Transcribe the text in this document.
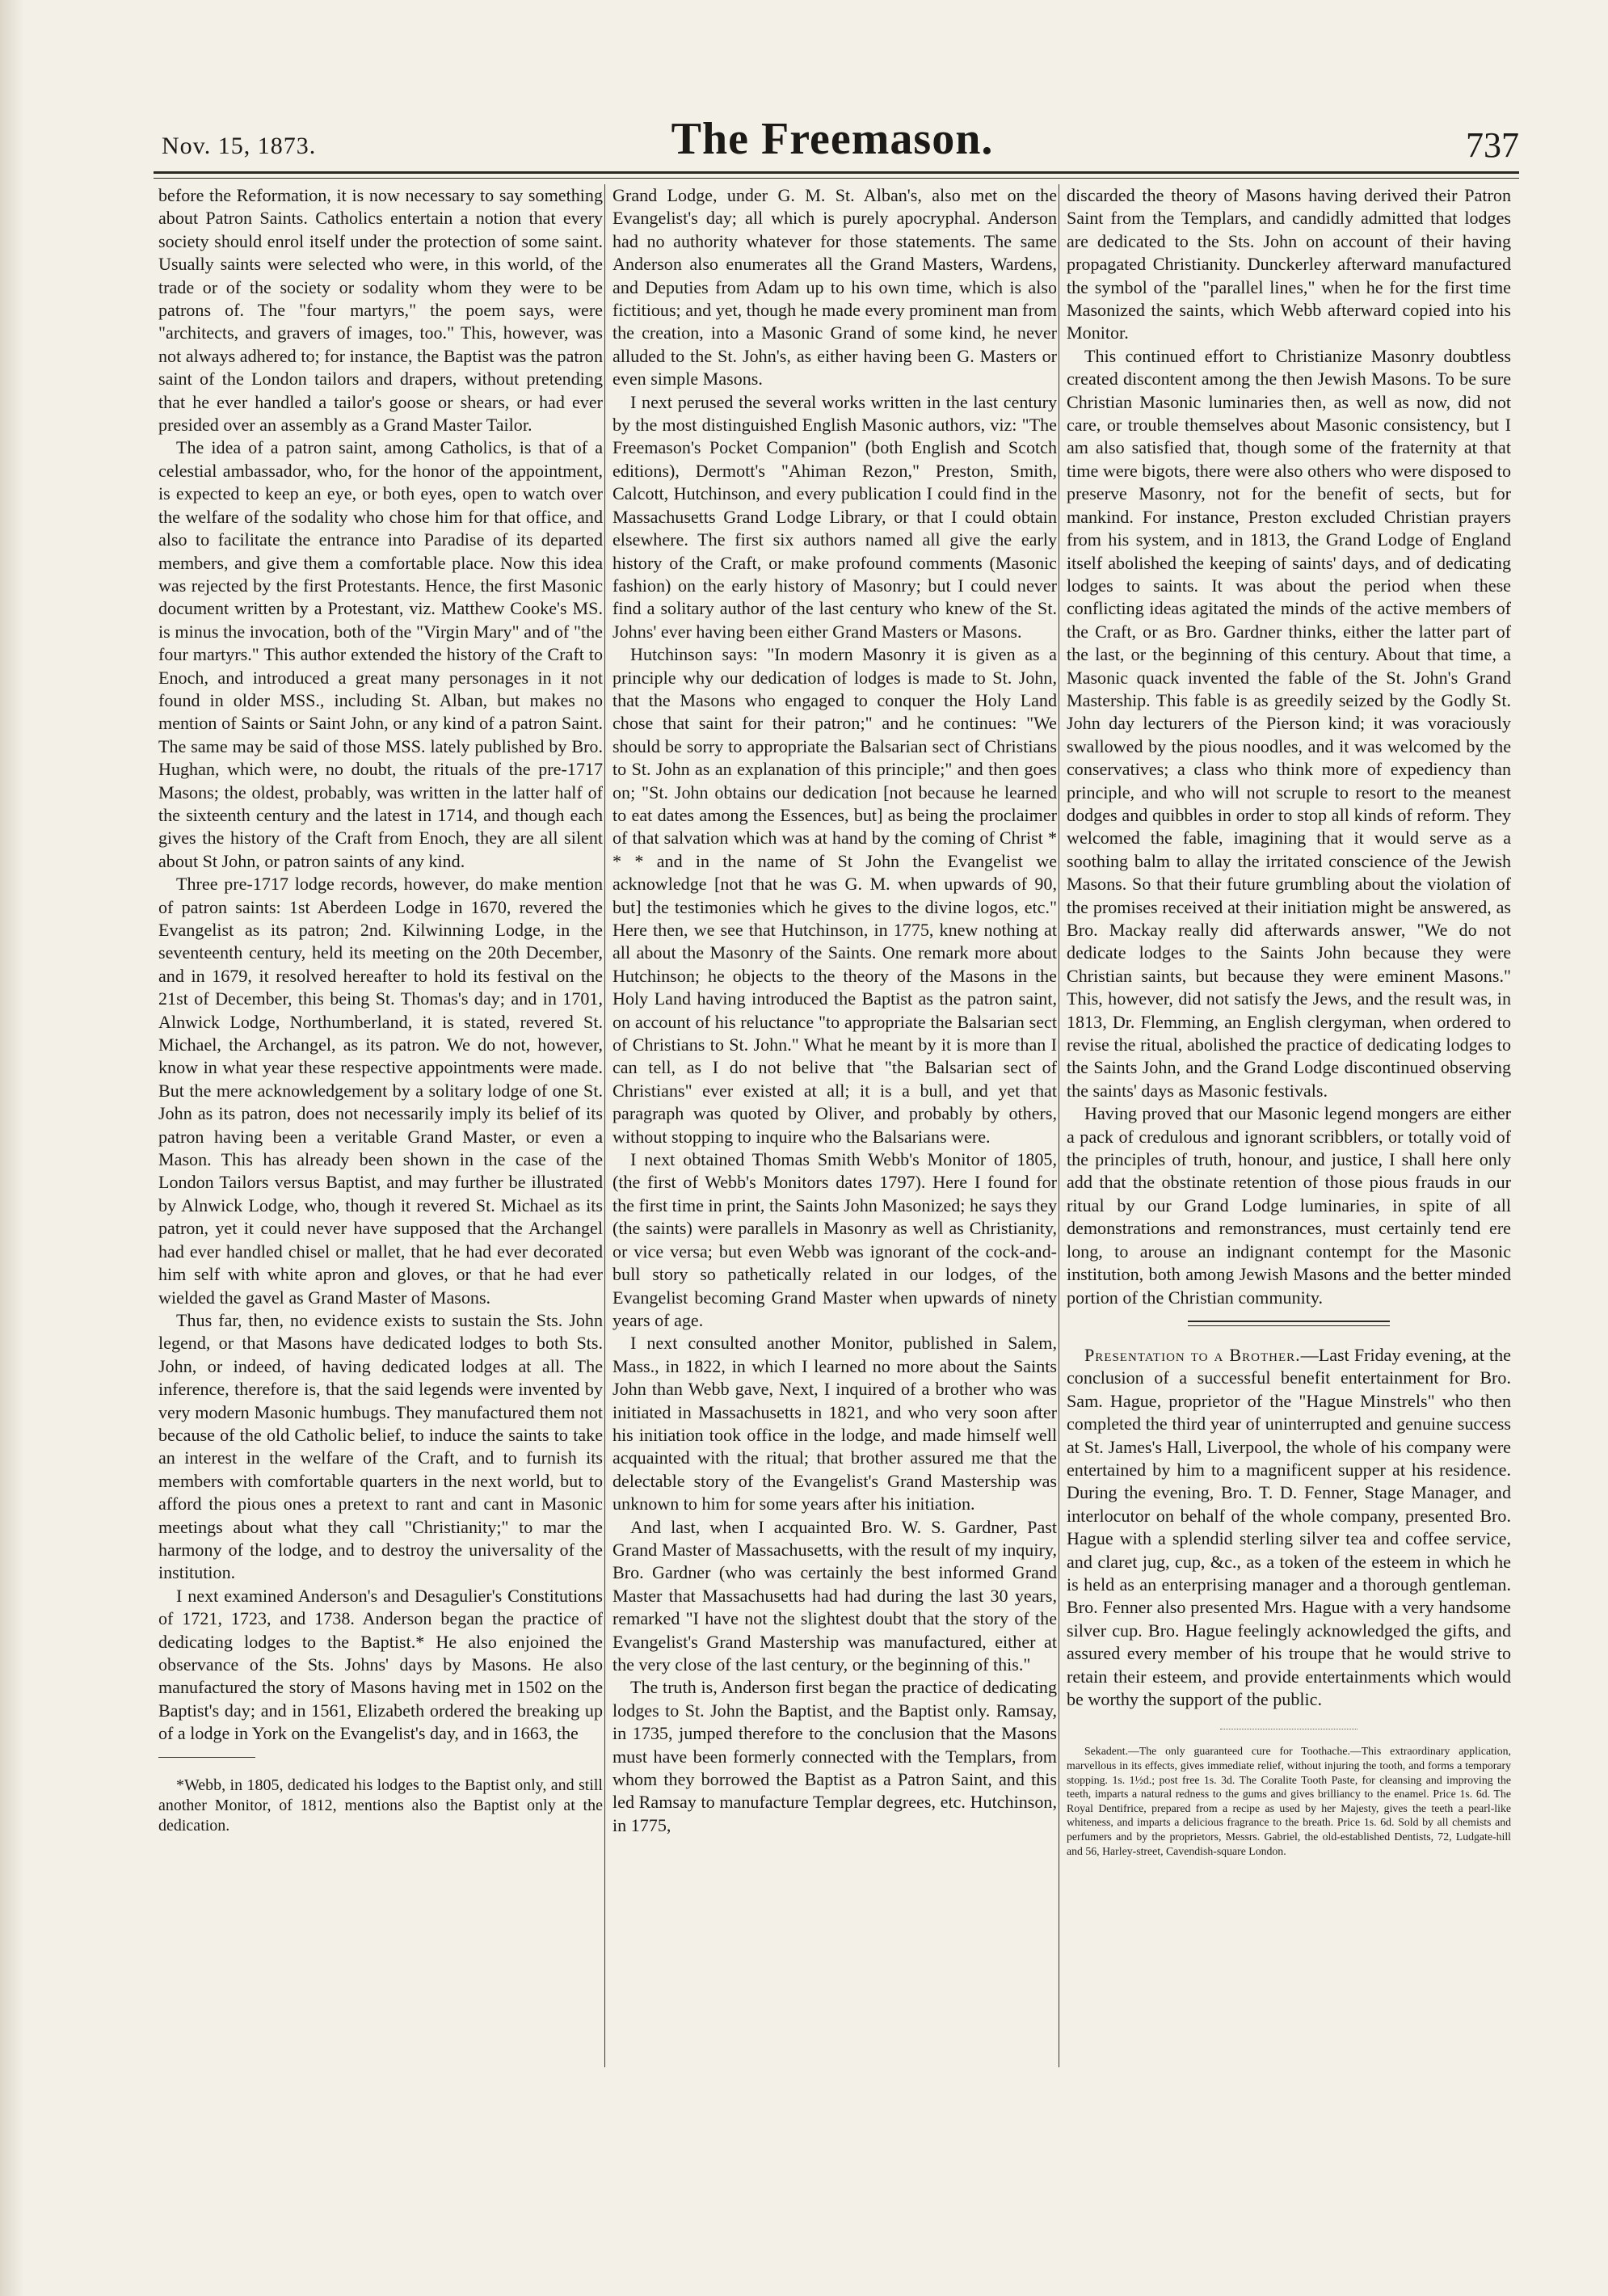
Nov. 15, 1873.	The Freemason.	737

before the Reformation, it is now necessary to say something about Patron Saints. Catholics entertain a notion that every society should enrol itself under the protection of some saint. Usually saints were selected who were, in this world, of the trade or of the society or sodality whom they were to be patrons of. The "four martyrs," the poem says, were "architects, and gravers of images, too." This, however, was not always adhered to; for instance, the Baptist was the patron saint of the London tailors and drapers, without pretending that he ever handled a tailor's goose or shears, or had ever presided over an assembly as a Grand Master Tailor.

The idea of a patron saint, among Catholics, is that of a celestial ambassador, who, for the honor of the appointment, is expected to keep an eye, or both eyes, open to watch over the welfare of the sodality who chose him for that office, and also to facilitate the entrance into Paradise of its departed members, and give them a comfortable place. Now this idea was rejected by the first Protestants. Hence, the first Masonic document written by a Protestant, viz. Matthew Cooke's MS. is minus the invocation, both of the "Virgin Mary" and of "the four martyrs." This author extended the history of the Craft to Enoch, and introduced a great many personages in it not found in older MSS., including St. Alban, but makes no mention of Saints or Saint John, or any kind of a patron Saint. The same may be said of those MSS. lately published by Bro. Hughan, which were, no doubt, the rituals of the pre-1717 Masons; the oldest, probably, was written in the latter half of the sixteenth century and the latest in 1714, and though each gives the history of the Craft from Enoch, they are all silent about St John, or patron saints of any kind.

Three pre-1717 lodge records, however, do make mention of patron saints: 1st Aberdeen Lodge in 1670, revered the Evangelist as its patron; 2nd. Kilwinning Lodge, in the seventeenth century, held its meeting on the 20th December, and in 1679, it resolved hereafter to hold its festival on the 21st of December, this being St. Thomas's day; and in 1701, Alnwick Lodge, Northumberland, it is stated, revered St. Michael, the Archangel, as its patron. We do not, however, know in what year these respective appointments were made. But the mere acknowledgement by a solitary lodge of one St. John as its patron, does not necessarily imply its belief of its patron having been a veritable Grand Master, or even a Mason. This has already been shown in the case of the London Tailors versus Baptist, and may further be illustrated by Alnwick Lodge, who, though it revered St. Michael as its patron, yet it could never have supposed that the Archangel had ever handled chisel or mallet, that he had ever decorated him self with white apron and gloves, or that he had ever wielded the gavel as Grand Master of Masons.

Thus far, then, no evidence exists to sustain the Sts. John legend, or that Masons have dedicated lodges to both Sts. John, or indeed, of having dedicated lodges at all. The inference, therefore is, that the said legends were invented by very modern Masonic humbugs. They manufactured them not because of the old Catholic belief, to induce the saints to take an interest in the welfare of the Craft, and to furnish its members with comfortable quarters in the next world, but to afford the pious ones a pretext to rant and cant in Masonic meetings about what they call "Christianity;" to mar the harmony of the lodge, and to destroy the universality of the institution.

I next examined Anderson's and Desagulier's Constitutions of 1721, 1723, and 1738. Anderson began the practice of dedicating lodges to the Baptist.* He also enjoined the observance of the Sts. Johns' days by Masons. He also manufactured the story of Masons having met in 1502 on the Baptist's day; and in 1561, Elizabeth ordered the breaking up of a lodge in York on the Evangelist's day, and in 1663, the

*Webb, in 1805, dedicated his lodges to the Baptist only, and still another Monitor, of 1812, mentions also the Baptist only at the dedication.

Grand Lodge, under G. M. St. Alban's, also met on the Evangelist's day; all which is purely apocryphal. Anderson had no authority whatever for those statements. The same Anderson also enumerates all the Grand Masters, Wardens, and Deputies from Adam up to his own time, which is also fictitious; and yet, though he made every prominent man from the creation, into a Masonic Grand of some kind, he never alluded to the St. John's, as either having been G. Masters or even simple Masons.

I next perused the several works written in the last century by the most distinguished English Masonic authors, viz: "The Freemason's Pocket Companion" (both English and Scotch editions), Dermott's "Ahiman Rezon," Preston, Smith, Calcott, Hutchinson, and every publication I could find in the Massachusetts Grand Lodge Library, or that I could obtain elsewhere. The first six authors named all give the early history of the Craft, or make profound comments (Masonic fashion) on the early history of Masonry; but I could never find a solitary author of the last century who knew of the St. Johns' ever having been either Grand Masters or Masons.

Hutchinson says: "In modern Masonry it is given as a principle why our dedication of lodges is made to St. John, that the Masons who engaged to conquer the Holy Land chose that saint for their patron;" and he continues: "We should be sorry to appropriate the Balsarian sect of Christians to St. John as an explanation of this principle;" and then goes on; "St. John obtains our dedication [not because he learned to eat dates among the Essences, but] as being the proclaimer of that salvation which was at hand by the coming of Christ * * * and in the name of St John the Evangelist we acknowledge [not that he was G. M. when upwards of 90, but] the testimonies which he gives to the divine logos, etc." Here then, we see that Hutchinson, in 1775, knew nothing at all about the Masonry of the Saints. One remark more about Hutchinson; he objects to the theory of the Masons in the Holy Land having introduced the Baptist as the patron saint, on account of his reluctance "to appropriate the Balsarian sect of Christians to St. John." What he meant by it is more than I can tell, as I do not belive that "the Balsarian sect of Christians" ever existed at all; it is a bull, and yet that paragraph was quoted by Oliver, and probably by others, without stopping to inquire who the Balsarians were.

I next obtained Thomas Smith Webb's Monitor of 1805, (the first of Webb's Monitors dates 1797). Here I found for the first time in print, the Saints John Masonized; he says they (the saints) were parallels in Masonry as well as Christianity, or vice versa; but even Webb was ignorant of the cock-and-bull story so pathetically related in our lodges, of the Evangelist becoming Grand Master when upwards of ninety years of age.

I next consulted another Monitor, published in Salem, Mass., in 1822, in which I learned no more about the Saints John than Webb gave, Next, I inquired of a brother who was initiated in Massachusetts in 1821, and who very soon after his initiation took office in the lodge, and made himself well acquainted with the ritual; that brother assured me that the delectable story of the Evangelist's Grand Mastership was unknown to him for some years after his initiation.

And last, when I acquainted Bro. W. S. Gardner, Past Grand Master of Massachusetts, with the result of my inquiry, Bro. Gardner (who was certainly the best informed Grand Master that Massachusetts had had during the last 30 years, remarked "I have not the slightest doubt that the story of the Evangelist's Grand Mastership was manufactured, either at the very close of the last century, or the beginning of this."

The truth is, Anderson first began the practice of dedicating lodges to St. John the Baptist, and the Baptist only. Ramsay, in 1735, jumped therefore to the conclusion that the Masons must have been formerly connected with the Templars, from whom they borrowed the Baptist as a Patron Saint, and this led Ramsay to manufacture Templar degrees, etc. Hutchinson, in 1775,

discarded the theory of Masons having derived their Patron Saint from the Templars, and candidly admitted that lodges are dedicated to the Sts. John on account of their having propagated Christianity. Dunckerley afterward manufactured the symbol of the "parallel lines," when he for the first time Masonized the saints, which Webb afterward copied into his Monitor.

This continued effort to Christianize Masonry doubtless created discontent among the then Jewish Masons. To be sure Christian Masonic luminaries then, as well as now, did not care, or trouble themselves about Masonic consistency, but I am also satisfied that, though some of the fraternity at that time were bigots, there were also others who were disposed to preserve Masonry, not for the benefit of sects, but for mankind. For instance, Preston excluded Christian prayers from his system, and in 1813, the Grand Lodge of England itself abolished the keeping of saints' days, and of dedicating lodges to saints. It was about the period when these conflicting ideas agitated the minds of the active members of the Craft, or as Bro. Gardner thinks, either the latter part of the last, or the beginning of this century. About that time, a Masonic quack invented the fable of the St. John's Grand Mastership. This fable is as greedily seized by the Godly St. John day lecturers of the Pierson kind; it was voraciously swallowed by the pious noodles, and it was welcomed by the conservatives; a class who think more of expediency than principle, and who will not scruple to resort to the meanest dodges and quibbles in order to stop all kinds of reform. They welcomed the fable, imagining that it would serve as a soothing balm to allay the irritated conscience of the Jewish Masons. So that their future grumbling about the violation of the promises received at their initiation might be answered, as Bro. Mackay really did afterwards answer, "We do not dedicate lodges to the Saints John because they were Christian saints, but because they were eminent Masons." This, however, did not satisfy the Jews, and the result was, in 1813, Dr. Flemming, an English clergyman, when ordered to revise the ritual, abolished the practice of dedicating lodges to the Saints John, and the Grand Lodge discontinued observing the saints' days as Masonic festivals.

Having proved that our Masonic legend mongers are either a pack of credulous and ignorant scribblers, or totally void of the principles of truth, honour, and justice, I shall here only add that the obstinate retention of those pious frauds in our ritual by our Grand Lodge luminaries, in spite of all demonstrations and remonstrances, must certainly tend ere long, to arouse an indignant contempt for the Masonic institution, both among Jewish Masons and the better minded portion of the Christian community.

Presentation to a Brother.—Last Friday evening, at the conclusion of a successful benefit entertainment for Bro. Sam. Hague, proprietor of the "Hague Minstrels" who then completed the third year of uninterrupted and genuine success at St. James's Hall, Liverpool, the whole of his company were entertained by him to a magnificent supper at his residence. During the evening, Bro. T. D. Fenner, Stage Manager, and interlocutor on behalf of the whole company, presented Bro. Hague with a splendid sterling silver tea and coffee service, and claret jug, cup, &c., as a token of the esteem in which he is held as an enterprising manager and a thorough gentleman. Bro. Fenner also presented Mrs. Hague with a very handsome silver cup. Bro. Hague feelingly acknowledged the gifts, and assured every member of his troupe that he would strive to retain their esteem, and provide entertainments which would be worthy the support of the public.

Sekadent.—The only guaranteed cure for Toothache.—This extraordinary application, marvellous in its effects, gives immediate relief, without injuring the tooth, and forms a temporary stopping. 1s. 1½d.; post free 1s. 3d. The Coralite Tooth Paste, for cleansing and improving the teeth, imparts a natural redness to the gums and gives brilliancy to the enamel. Price 1s. 6d. The Royal Dentifrice, prepared from a recipe as used by her Majesty, gives the teeth a pearl-like whiteness, and imparts a delicious fragrance to the breath. Price 1s. 6d. Sold by all chemists and perfumers and by the proprietors, Messrs. Gabriel, the old-established Dentists, 72, Ludgate-hill and 56, Harley-street, Cavendish-square London.
